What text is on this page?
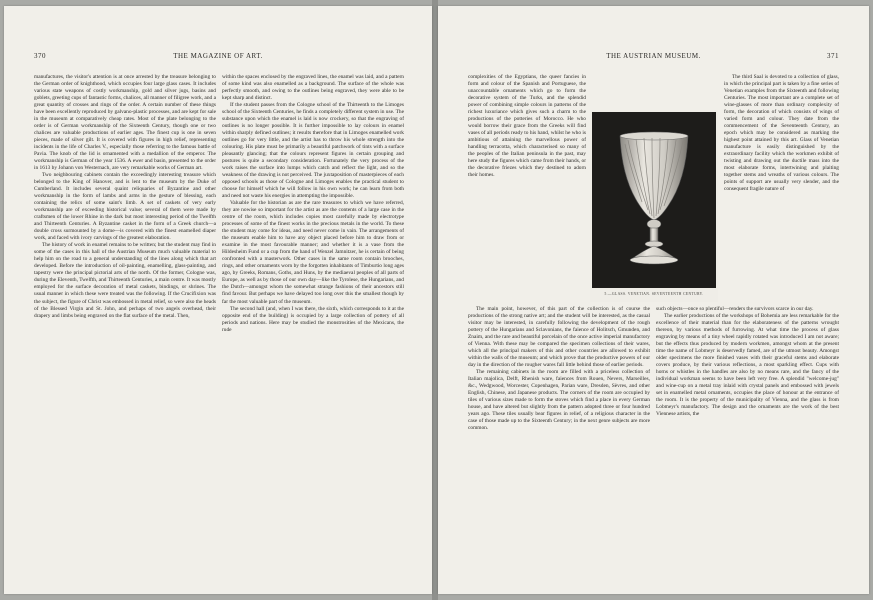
370	THE MAGAZINE OF ART.

manufactures, the visitor's attention is at once arrested by the treasure belonging to the German order of knighthood, which occupies four large glass cases. It includes various state weapons of costly workmanship, gold and silver jugs, basins and goblets, greeting cups of fantastic forms, chalices, all manner of filigree work, and a great quantity of crosses and rings of the order. A certain number of these things have been excellently reproduced by galvano-plastic processes, and are kept for sale in the museum at comparatively cheap rates. Most of the plate belonging to the order is of German workmanship of the Sixteenth Century, though one or two chalices are valuable productions of earlier ages. The finest cup is one in seven pieces, made of silver gilt. It is covered with figures in high relief, representing incidents in the life of Charles V., especially those referring to the famous battle of Pavia. The knob of the lid is ornamented with a medallion of the emperor. The workmanship is German of the year 1536. A ewer and basin, presented to the order in 1613 by Johann von Westernach, are very remarkable works of German art.

Two neighbouring cabinets contain the exceedingly interesting treasure which belonged to the King of Hanover, and is lent to the museum by the Duke of Cumberland. It includes several quaint reliquaries of Byzantine and other workmanship in the form of lambs and arms in the gesture of blessing, each containing the relics of some saint's limb. A set of caskets of very early workmanship are of exceeding historical value; several of them were made by craftsmen of the lower Rhine in the dark but most interesting period of the Twelfth and Thirteenth Centuries. A Byzantine casket in the form of a Greek church—a double cross surmounted by a dome—is covered with the finest enamelled diaper work, and faced with ivory carvings of the greatest elaboration.

The history of work in enamel remains to be written; but the student may find in some of the cases in this hall of the Austrian Museum much valuable material to help him on the road to a general understanding of the lines along which that art developed. Before the introduction of oil-painting, enamelling, glass-painting, and tapestry were the principal pictorial arts of the north. Of the former, Cologne was, during the Eleventh, Twelfth, and Thirteenth Centuries, a main centre. It was mostly employed for the surface decoration of metal caskets, bindings, or shrines. The usual manner in which these were treated was the following. If the Crucifixion was the subject, the figure of Christ was embossed in metal relief, so were also the heads of the Blessed Virgin and St. John, and perhaps of two angels overhead, their drapery and limbs being engraved on the flat surface of the metal. Then,

within the spaces enclosed by the engraved lines, the enamel was laid, and a pattern of some kind was also enamelled as a background. The surface of the whole was perfectly smooth, and owing to the outlines being engraved, they were able to be kept sharp and distinct.

If the student passes from the Cologne school of the Thirteenth to the Limoges school of the Sixteenth Centuries, he finds a completely different system in use. The substance upon which the enamel is laid is now crockery, so that the engraving of outlines is no longer possible. It is further impossible to lay colours in enamel within sharply defined outlines; it results therefore that in Limoges enamelled work outlines go for very little, and the artist has to throw his whole strength into the colouring. His plate must be primarily a beautiful patchwork of tints with a surface pleasantly glancing; that the colours represent figures in certain grouping and postures is quite a secondary consideration. Fortunately the very process of the work raises the surface into lumps which catch and reflect the light, and so the weakness of the drawing is not perceived. The juxtaposition of masterpieces of each opposed schools as those of Cologne and Limoges enables the practical student to choose for himself which he will follow in his own work; he can learn from both and need not waste his energies in attempting the impossible.

Valuable for the historian as are the rare treasures to which we have referred, they are nowise so important for the artist as are the contents of a large case in the centre of the room, which includes copies most carefully made by electrotype processes of some of the finest works in the precious metals in the world. To these the student may come for ideas, and need never come in vain. The arrangements of the museum enable him to have any object placed before him to draw from or examine in the most favourable manner; and whether it is a vase from the Hildesheim Fund or a cup from the hand of Wenzel Jamnitzer, he is certain of being confronted with a masterwork. Other cases in the same room contain brooches, rings, and other ornaments worn by the forgotten inhabitants of Timburtio long ages ago, by Greeks, Romans, Goths, and Huns, by the mediaeval peoples of all parts of Europe, as well as by those of our own day—like the Tyrolese, the Hungarians, and the Dutch—amongst whom the somewhat strange fashions of their ancestors still find favour. But perhaps we have delayed too long over this the smallest though by far the most valuable part of the museum.

The second hall (and, when I was there, the sixth, which corresponds to it at the opposite end of the building) is occupied by a large collection of pottery of all periods and nations. Here may be studied the monstrosities of the Mexicans, the rude

THE AUSTRIAN MUSEUM.	371

complexities of the Egyptians, the queer fancies in form and colour of the Spanish and Portuguese, the unaccountable ornaments which go to form the decorative system of the Turks, and the splendid power of combining simple colours in patterns of the richest luxuriance which gives such a charm to the productions of the potteries of Morocco. He who would borrow their grace from the Greeks will find vases of all periods ready to his hand, whilst he who is ambitious of attaining the marvellous power of handling terracotta, which characterised so many of the peoples of the Italian peninsula in the past, may here study the figures which came from their hands, or the decorative friezes which they destined to adorn their homes.

The main point, however, of this part of the collection is of course the productions of the strong native art; and the student will be interested, as the casual visitor may be interested, in carefully following the development of the rough pottery of the Hungarians and Sclavonians, the faience of Holitsch, Gmunden, and Znaim, and the rare and beautiful porcelain of the once active imperial manufactory of Vienna. With these may be compared the specimen collections of their wares, which all the principal makers of this and other countries are allowed to exhibit within the walls of the museum; and which prove that the productive powers of our day in the direction of the rougher wares fall little behind those of earlier periods.

The remaining cabinets in the room are filled with a priceless collection of Italian majolica, Delft, Rhenish ware, faiences from Rouen, Nevers, Marseilles, &c., Wedgwood, Worcester, Copenhagen, Parian ware, Dresden, Sèvres, and other English, Chinese, and Japanese products. The corners of the room are occupied by tiles of various sizes made to form the stoves which find a place in every German house, and have altered but slightly from the pattern adopted three or four hundred years ago. These tiles usually bear figures in relief, of a religious character in the case of those made up to the Sixteenth Century; in the next genre subjects are more common.

The third Saal is devoted to a collection of glass, in which the principal part is taken by a fine series of Venetian examples from the Sixteenth and following Centuries. The most important are a complete set of wine-glasses of more than ordinary complexity of form, the decoration of which consists of wings of varied form and colour. They date from the commencement of the Seventeenth Century, an epoch which may be considered as marking the highest point attained by this art. Glass of Venetian manufacture is easily distinguished by the extraordinary facility which the workmen exhibit of twisting and drawing out the ductile mass into the most elaborate forms, intertwining and plaiting together stems and wreaths of various colours. The points of support are usually very slender, and the consequent fragile nature of

such objects—once so plentiful—renders the survivors scarce in our day.

The earlier productions of the workshops of Bohemia are less remarkable for the excellence of their material than for the elaborateness of the patterns wrought thereon, by various methods of furrowing. At what time the process of glass engraving by means of a tiny wheel rapidly rotated was introduced I am not aware; but the effects thus produced by modern workmen, amongst whom at the present time the name of Lobmeyr is deservedly famed, are of the utmost beauty. Amongst older specimens the more finished vases with their graceful stems and elaborate covers produce, by their various reflections, a most sparkling effect. Cups with horns or whistles in the handles are also by no means rare, and the fancy of the individual workman seems to have been left very free. A splendid "welcome-jug" and wine-cup on a metal tray inlaid with crystal panels and embossed with jewels set in enamelled metal ornaments, occupies the place of honour at the entrance of the room. It is the property of the municipality of Vienna, and the glass is from Lobmeyr's manufactory. The design and the ornaments are the work of the best Viennese artists, the

5.—GLASS. VENETIAN. SEVENTEENTH CENTURY.
